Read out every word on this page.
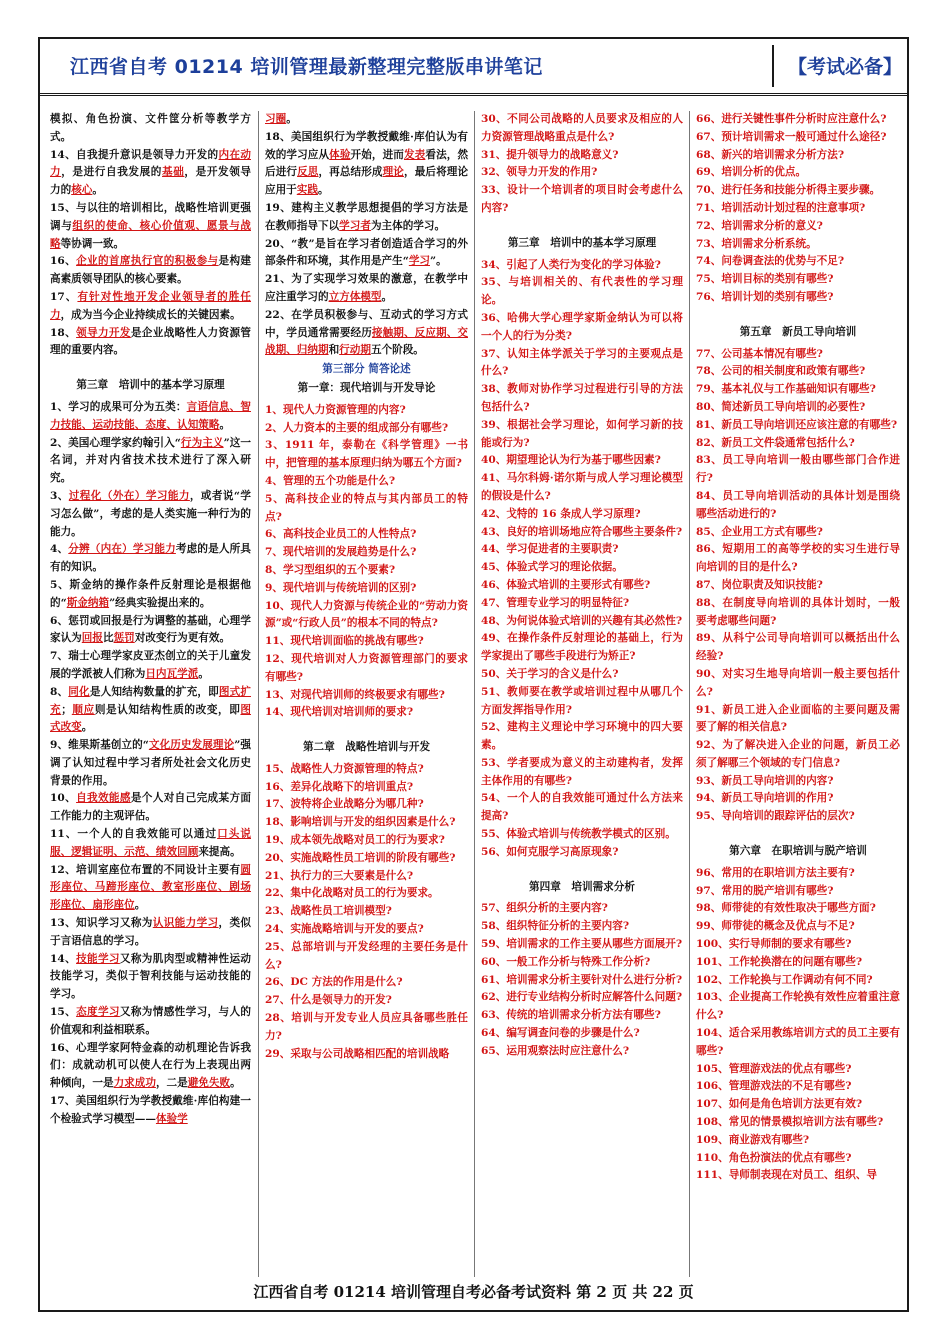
江西省自考 01214 培训管理最新整理完整版串讲笔记	【考试必备】
模拟、角色扮演、文件筐分析等教学方式。
14、自我提升意识是领导力开发的内在动力，是进行自我发展的基础，是开发领导力的核心。
15、与以往的培训相比，战略性培训更强调与组织的使命、核心价值观、愿景与战略等协调一致。
16、企业的首席执行官的积极参与是构建高素质领导团队的核心要素。
17、有针对性地开发企业领导者的胜任力，成为当今企业持续成长的关键因素。
18、领导力开发是企业战略性人力资源管理的重要内容。
第三章　培训中的基本学习原理
1、学习的成果可分为五类：言语信息、智力技能、运动技能、态度、认知策略。
2、美国心理学家约翰引入“行为主义”这一名词，并对内省技术技术进行了深入研究。
3、过程化（外在）学习能力，或者说“学习怎么做”，考虑的是人类实施一种行为的能力。
4、分辨（内在）学习能力考虑的是人所具有的知识。
5、斯金纳的操作条件反射理论是根据他的“斯金纳箱”经典实验提出来的。
6、惩罚或回报是行为调整的基础，心理学家认为回报比惩罚对改变行为更有效。
7、瑞士心理学家皮亚杰创立的关于儿童发展的学派被人们称为日内瓦学派。
8、同化是人知结构数量的扩充，即图式扩充；顺应则是认知结构性质的改变，即图式改变。
9、维果斯基创立的“文化历史发展理论”强调了认知过程中学习者所处社会文化历史背景的作用。
10、自我效能感是个人对自己完成某方面工作能力的主观评估。
11、一个人的自我效能可以通过口头说服、逻辑证明、示范、绩效回顾来提高。
12、培训室座位布置的不同设计主要有圆形座位、马蹄形座位、教室形座位、剧场形座位、扇形座位。
13、知识学习又称为认识能力学习，类似于言语信息的学习。
14、技能学习又称为肌肉型或精神性运动技能学习，类似于智利技能与运动技能的学习。
15、态度学习又称为情感性学习，与人的价值观和利益相联系。
16、心理学家阿特金森的动机理论告诉我们：成就动机可以使人在行为上表现出两种倾向，一是力求成功，二是避免失败。
17、美国组织行为学教授戴维·库伯构建一个检验式学习模型——体验学
习圈。
18、美国组织行为学教授戴维·库伯认为有效的学习应从体验开始，进而发表看法，然后进行反思，再总结形成理论，最后将理论应用于实践。
19、建构主义教学思想提倡的学习方法是在教师指导下以学习者为主体的学习。
20、“教”是旨在学习者创造适合学习的外部条件和环境，其作用是产生“学习”。
21、为了实现学习效果的激意，在教学中应注重学习的立方体模型。
22、在学员积极参与、互动式的学习方式中，学员通常需要经历接触期、反应期、交战期、归纳期和行动期五个阶段。
第三部分 简答论述
第一章：现代培训与开发导论
1、现代人力资源管理的内容?
2、人力资本的主要的组成部分有哪些?
3、1911 年，泰勒在《科学管理》一书中，把管理的基本原理归纳为哪五个方面?
4、管理的五个功能是什么?
5、高科技企业的特点与其内部员工的特点?
6、高科技企业员工的人性特点?
7、现代培训的发展趋势是什么?
8、学习型组织的五个要素?
9、现代培训与传统培训的区别?
10、现代人力资源与传统企业的“劳动力资源”或“行政人员”的根本不同的特点?
11、现代培训面临的挑战有哪些?
12、现代培训对人力资源管理部门的要求有哪些?
13、对现代培训师的终极要求有哪些?
14、现代培训对培训师的要求?
第二章　战略性培训与开发
15、战略性人力资源管理的特点?
16、差异化战略下的培训重点?
17、波特将企业战略分为哪几种?
18、影响培训与开发的组织因素是什么?
19、成本领先战略对员工的行为要求?
20、实施战略性员工培训的阶段有哪些?
21、执行力的三大要素是什么?
22、集中化战略对员工的行为要求。
23、战略性员工培训模型?
24、实施战略培训与开发的要点?
25、总部培训与开发经理的主要任务是什么?
26、DC 方法的作用是什么?
27、什么是领导力的开发?
28、培训与开发专业人员应具备哪些胜任力?
29、采取与公司战略相匹配的培训战略
30、不同公司战略的人员要求及相应的人力资源管理战略重点是什么?
31、提升领导力的战略意义?
32、领导力开发的作用?
33、设计一个培训者的项目时会考虑什么内容?
第三章　培训中的基本学习原理
34、引起了人类行为变化的学习体验?
35、与培训相关的、有代表性的学习理论。
36、哈佛大学心理学家斯金纳认为可以将一个人的行为分类?
37、认知主体学派关于学习的主要观点是什么?
38、教师对协作学习过程进行引导的方法包括什么?
39、根据社会学习理论，如何学习新的技能或行为?
40、期望理论认为行为基于哪些因素?
41、马尔科姆·诺尔斯与成人学习理论模型的假设是什么?
42、戈特的 16 条成人学习原理?
43、良好的培训场地应符合哪些主要条件?
44、学习促进者的主要职责?
45、体验式学习的理论依据。
46、体验式培训的主要形式有哪些?
47、管理专业学习的明显特征?
48、为何说体验式培训的兴趣有其必然性?
49、在操作条件反射理论的基础上，行为学家提出了哪些手段进行为矫正?
50、关于学习的含义是什么?
51、教师要在教学或培训过程中从哪几个方面发挥指导作用?
52、建构主义理论中学习环境中的四大要素。
53、学者要成为意义的主动建构者，发挥主体作用的有哪些?
54、一个人的自我效能可通过什么方法来提高?
55、体验式培训与传统教学模式的区别。
56、如何克服学习高原现象?
第四章　培训需求分析
57、组织分析的主要内容?
58、组织特征分析的主要内容?
59、培训需求的工作主要从哪些方面展开?
60、一般工作分析与特殊工作分析?
61、培训需求分析主要针对什么进行分析?
62、进行专业结构分析时应解答什么问题?
63、传统的培训需求分析方法有哪些?
64、编写调查问卷的步骤是什么?
65、运用观察法时应注意什么?
66、进行关键性事件分析时应注意什么?
67、预计培训需求一般可通过什么途径?
68、新兴的培训需求分析方法?
69、培训分析的优点。
70、进行任务和技能分析得主要步骤。
71、培训活动计划过程的注意事项?
72、培训需求分析的意义?
73、培训需求分析系统。
74、问卷调查法的优势与不足?
75、培训目标的类别有哪些?
76、培训计划的类别有哪些?
第五章　新员工导向培训
77、公司基本情况有哪些?
78、公司的相关制度和政策有哪些?
79、基本礼仪与工作基础知识有哪些?
80、简述新员工导向培训的必要性?
81、新员工导向培训还应该注意的有哪些?
82、新员工文件袋通常包括什么?
83、员工导向培训一般由哪些部门合作进行?
84、员工导向培训活动的具体计划是围绕哪些活动进行的?
85、企业用工方式有哪些?
86、短期用工的高等学校的实习生进行导向培训的目的是什么?
87、岗位职责及知识技能?
88、在制度导向培训的具体计划时，一般要考虑哪些问题?
89、从科宁公司导向培训可以概括出什么经验?
90、对实习生地导向培训一般主要包括什么?
91、新员工进入企业面临的主要问题及需要了解的相关信息?
92、为了解决进入企业的问题，新员工必须了解哪三个领域的专门信息?
93、新员工导向培训的内容?
94、新员工导向培训的作用?
95、导向培训的跟踪评估的层次?
第六章　在职培训与脱产培训
96、常用的在职培训方法主要有?
97、常用的脱产培训有哪些?
98、师带徒的有效性取决于哪些方面?
99、师带徒的概念及优点与不足?
100、实行导师制的要求有哪些?
101、工作轮换潜在的问题有哪些?
102、工作轮换与工作调动有何不同?
103、企业提高工作轮换有效性应着重注意什么?
104、适合采用教练培训方式的员工主要有哪些?
105、管理游戏法的优点有哪些?
106、管理游戏法的不足有哪些?
107、如何是角色培训方法更有效?
108、常见的情景模拟培训方法有哪些?
109、商业游戏有哪些?
110、角色扮演法的优点有哪些?
111、导师制表现在对员工、组织、导
江西省自考 01214 培训管理自考必备考试资料 第 2 页 共 22 页
